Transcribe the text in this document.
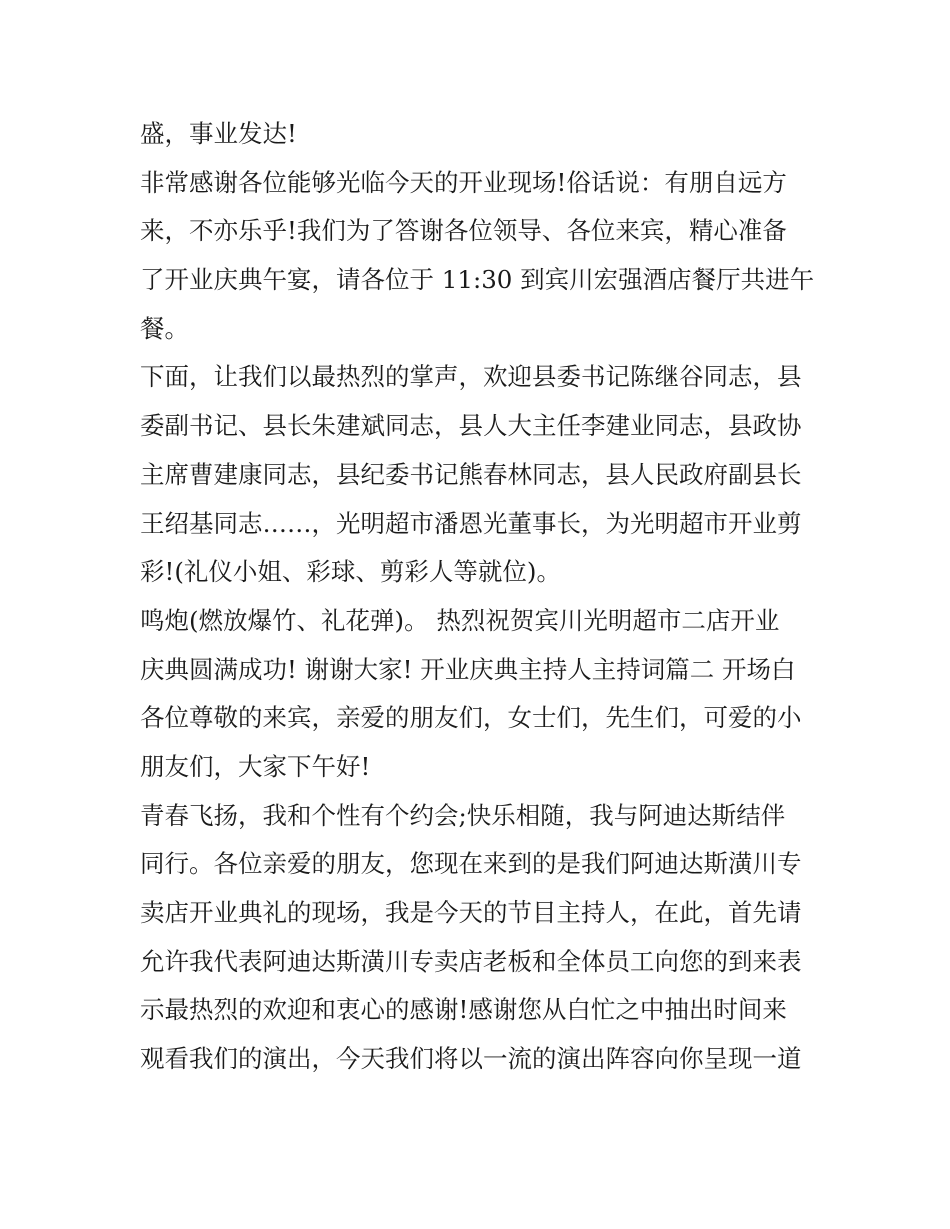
盛，事业发达!
非常感谢各位能够光临今天的开业现场!俗话说：有朋自远方
来，不亦乐乎!我们为了答谢各位领导、各位来宾，精心准备
了开业庆典午宴，请各位于 11:30 到宾川宏强酒店餐厅共进午
餐。
下面，让我们以最热烈的掌声，欢迎县委书记陈继谷同志，县
委副书记、县长朱建斌同志，县人大主任李建业同志，县政协
主席曹建康同志，县纪委书记熊春林同志，县人民政府副县长
王绍基同志……，光明超市潘恩光董事长，为光明超市开业剪
彩!(礼仪小姐、彩球、剪彩人等就位)。
鸣炮(燃放爆竹、礼花弹)。 热烈祝贺宾川光明超市二店开业
庆典圆满成功! 谢谢大家! 开业庆典主持人主持词篇二 开场白
各位尊敬的来宾，亲爱的朋友们，女士们，先生们，可爱的小
朋友们，大家下午好!
青春飞扬，我和个性有个约会;快乐相随，我与阿迪达斯结伴
同行。各位亲爱的朋友，您现在来到的是我们阿迪达斯潢川专
卖店开业典礼的现场，我是今天的节目主持人，在此，首先请
允许我代表阿迪达斯潢川专卖店老板和全体员工向您的到来表
示最热烈的欢迎和衷心的感谢!感谢您从白忙之中抽出时间来
观看我们的演出，今天我们将以一流的演出阵容向你呈现一道
